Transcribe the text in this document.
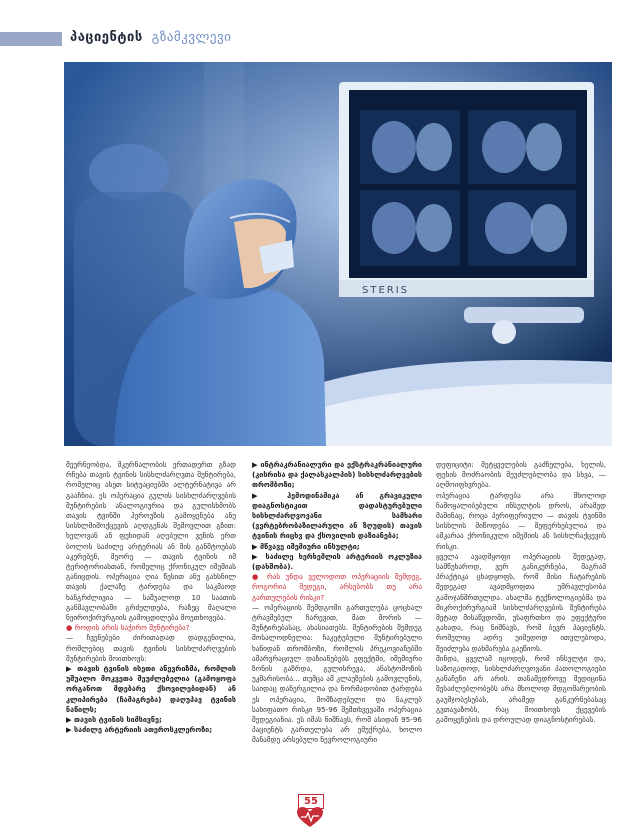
პაციენტის გზამკვლევი
STERIS

მეურნეობდა, მკურნალობის ერთადერთ გზად რჩება თავის ტვინის სისხლძარღვთა შუნტირება, რომელიც ასეთ სიტუაციებში ალტერნატივა არ გააჩნია. ეს ოპერაცია გულის სისხლძარღვების შუნტირების ანალოგიურია და გულისხმობს თავის ტვინში ჰეროუზის გამოყენება ანუ სისხლმიმოქცევის აღდგენას შემოვლით გზით: ხელოვან ან ფეხიდან აღებული ვენის ერთ ბოლოს საძილე არტერიას ან მის განშტოებას აკერებენ, მეორე — თავის ტვინის იმ ტერიტორიასთან, რომელიც ქრონიკულ იშემიას განიცდის. ოპერაცია ღია წესით ანუ გახსნილ თავის ქალაზე ტარდება და საკმაოდ ხანგრძლივია — საშუალოდ 10 საათის განმავლობაში გრძელდება, რაზეც მაღალი ნეიროქირურგიის გამოცდილება მოეთხოვება.

● როდის არის საჭირო შუნტირება?

— ჩვენებები ძირითადად დადგენილია, რომლებიც თავის ტვინის სისხლძარღვების შუნტირების მოითხოვს:

▶ თავის ტვინის ისეთი ანევრიზმა, რომლის უშუალო მოკვეთა შეუძლებელია (გამოყოფა ორგანოთ მდებარე ქსოვილებიდან) ან კლიპირება (ჩამაგრება) დაღუპავ ტვინის ნაწილს;

▶ თავის ტვინის სიმსივნე;

▶ საძილე არტერიის ათეროსკლეროზი;

▶ ინტრაკრანიალური და ექსტრაკრანიალური (კისრისა და ქალასკალპის) სისხლძარღვების თრომბოზი;

▶ ჰემოდინამიკა ან გრავიკული დიაგნოსტიკით დადასტურებული სისხლძარღვოვანი სამხარი (ვერტებრობაზილარული ან ზღუდის) თავის ტვინის რიცხვ და ქსოვილის დაზიანება;

▶ მწვავე იშემიური ინსულტი;

▶ საძილე ხერხემლის არტერიის ოკლუზია (დახშობა).

● რას უნდა ველოდოთ ოპერაციის შემდეგ, როგორია შედეგი, არსებობს თუ არა გართულების რისკი?

— ოპერაციის შემდგომი გართულება ცოცხალ ტრავმებულ ჩარევით, მათ შორის — შუნტირებასაც, ახასიათებს. შუნტირების შემდეგ მოსალოდნელია: ჩაკეტებული შუნტირებული ხანიდან თრომბოზი, რომლის პრეკოვიანებში ამარვრაციულ დაზიანებებს ეფექტში, იშემიური ზონის გაზრდა, გულისრევა, ანასტომოზის უკმარისობა... თუმცა ამ კლაუზების გამოვლენის, საიდაც დანერგილია და ნორმადობით ტარდება ეს ოპერაცია, მომზადებული და ნაკლებ სახიფათო რისკი 95-96 შემთხვევაში ოპერაცია შედეგიანია. ეს იმას ნიშნავს, რომ ასიდან 95-96 პაციენტს გართულება არ ემუქრება, ხოლო მანამდე არსებული ნევროლოგიური

დეფიციტი: მეტყველების გაძნელება, ხელის, ფეხის მოძრაობის შეუძლებლობა და სხვა, — აღმოიფხვრება.

ოპერაცია ტარდება არა მხოლოდ ჩამოყალიბებული ინსულტის დროს, არამედ მაშინაც, როცა პერიფერიული — თავის ტვინში სისხლის მიწოდება — შეფერხებულია და აშკარაა ქრონიკული იშემიის ან სისხლჩაქცევის რისკი.

ყველა ავადმყოფი ოპერაციის შედეგად, სამწუხაროდ, ვერ განიკურნება, მაგრამ პრაქტიკა ცხადყოფს, რომ მისი ჩატარების შედეგად ავადმყოფთა უმრავლესობა გამოჯანმრთელდა. ახალმა ტექნოლოგიებმა და მიკროქირურგიამ სისხლძარღვების შუნტირება მეტად მისაწვდომი, უსაფრთხო და ეფექტური გახადა, რაც ნიშნავს, რომ ბევრ პაციენტს, რომელიც ადრე უიმედოდ ითვლებოდა, შეიძლება დახმარება გაეწიოს.

მინდა, ყველამ იცოდეს, რომ ინსულტი და, საზოგადოდ, სისხლძარღვოვანი პათოლოგიები განაჩენი არ არის. თანამედროვე მედიცინა შესაძლებლობებს არა მხოლოდ მდგომარეობის გაუმჯობესებას, არამედ განკურნებასაც გვთავაზობს, რაც მოითხოვს ქცევების გამოყენების და დროულად დიაგნოსტირებას.

55
